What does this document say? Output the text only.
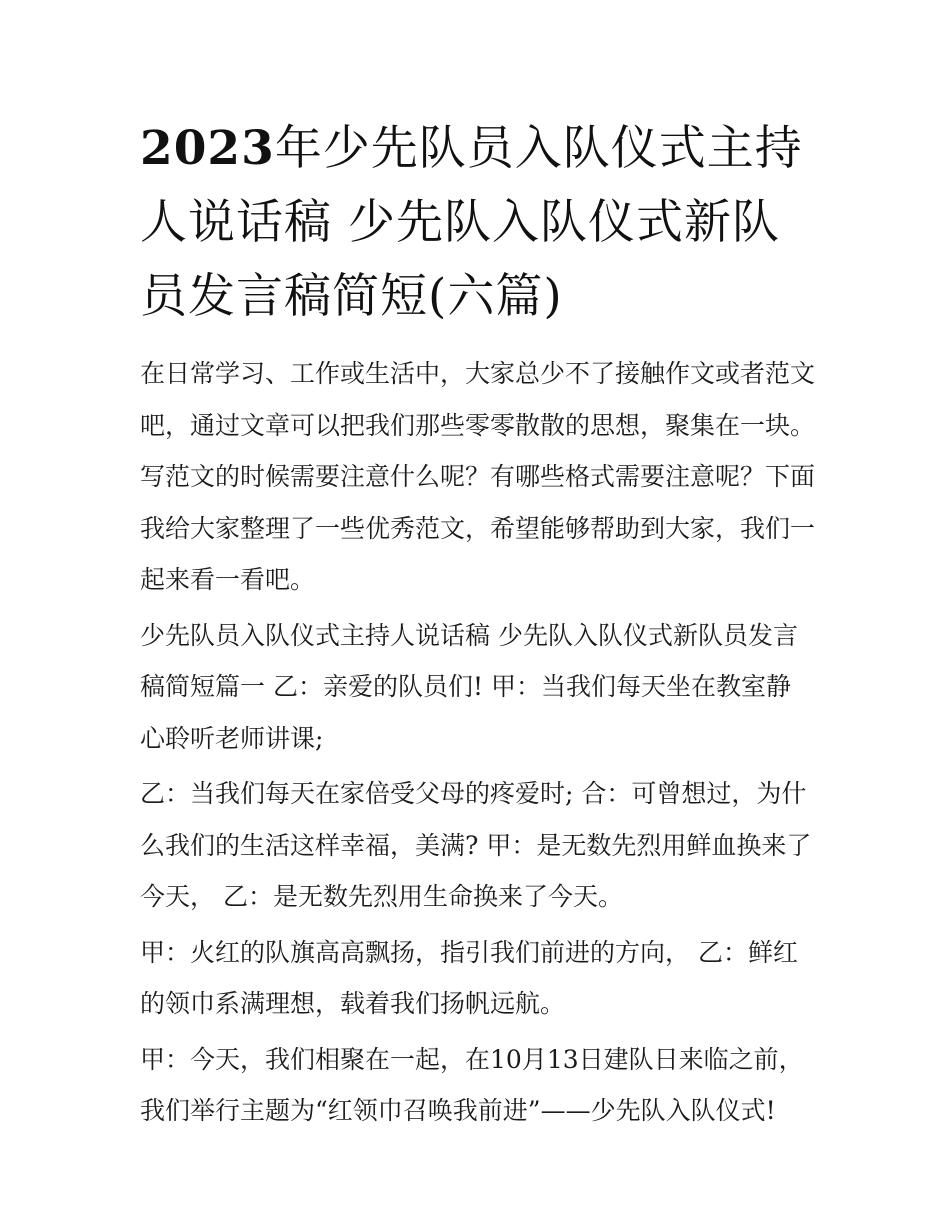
2023年少先队员入队仪式主持人说话稿 少先队入队仪式新队员发言稿简短(六篇)

在日常学习、工作或生活中，大家总少不了接触作文或者范文吧，通过文章可以把我们那些零零散散的思想，聚集在一块。写范文的时候需要注意什么呢？有哪些格式需要注意呢？下面我给大家整理了一些优秀范文，希望能够帮助到大家，我们一起来看一看吧。

少先队员入队仪式主持人说话稿 少先队入队仪式新队员发言稿简短篇一 乙：亲爱的队员们! 甲：当我们每天坐在教室静心聆听老师讲课;

乙：当我们每天在家倍受父母的疼爱时; 合：可曾想过，为什么我们的生活这样幸福，美满? 甲：是无数先烈用鲜血换来了今天， 乙：是无数先烈用生命换来了今天。

甲：火红的队旗高高飘扬，指引我们前进的方向， 乙：鲜红的领巾系满理想，载着我们扬帆远航。

甲：今天，我们相聚在一起，在10月13日建队日来临之前，我们举行主题为“红领巾召唤我前进”——少先队入队仪式!
